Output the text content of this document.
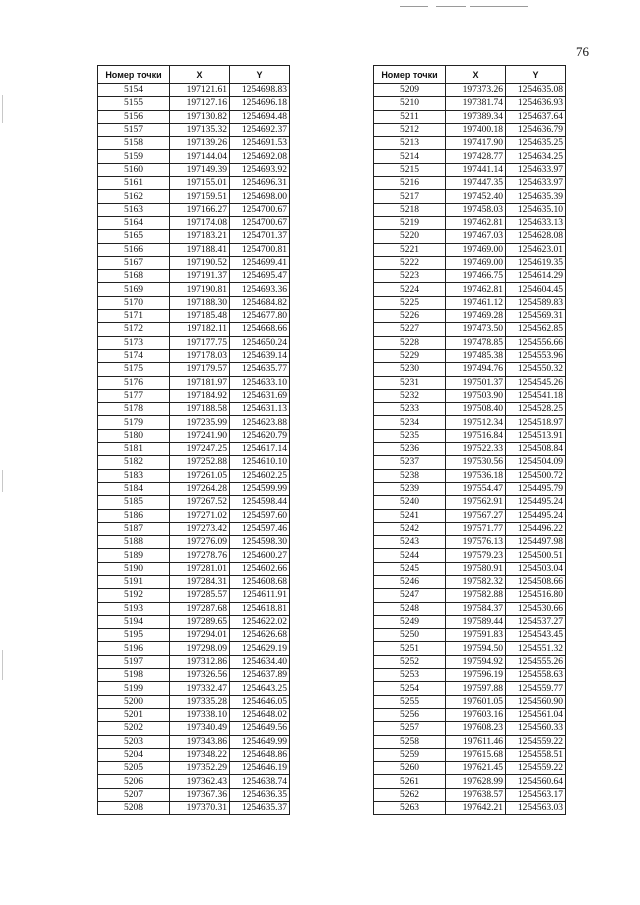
76
Номер точки	X	Y
5154	197121.61	1254698.83
5155	197127.16	1254696.18
5156	197130.82	1254694.48
5157	197135.32	1254692.37
5158	197139.26	1254691.53
5159	197144.04	1254692.08
5160	197149.39	1254693.92
5161	197155.01	1254696.31
5162	197159.51	1254698.00
5163	197166.27	1254700.67
5164	197174.08	1254700.67
5165	197183.21	1254701.37
5166	197188.41	1254700.81
5167	197190.52	1254699.41
5168	197191.37	1254695.47
5169	197190.81	1254693.36
5170	197188.30	1254684.82
5171	197185.48	1254677.80
5172	197182.11	1254668.66
5173	197177.75	1254650.24
5174	197178.03	1254639.14
5175	197179.57	1254635.77
5176	197181.97	1254633.10
5177	197184.92	1254631.69
5178	197188.58	1254631.13
5179	197235.99	1254623.88
5180	197241.90	1254620.79
5181	197247.25	1254617.14
5182	197252.88	1254610.10
5183	197261.05	1254602.25
5184	197264.28	1254599.99
5185	197267.52	1254598.44
5186	197271.02	1254597.60
5187	197273.42	1254597.46
5188	197276.09	1254598.30
5189	197278.76	1254600.27
5190	197281.01	1254602.66
5191	197284.31	1254608.68
5192	197285.57	1254611.91
5193	197287.68	1254618.81
5194	197289.65	1254622.02
5195	197294.01	1254626.68
5196	197298.09	1254629.19
5197	197312.86	1254634.40
5198	197326.56	1254637.89
5199	197332.47	1254643.25
5200	197335.28	1254646.05
5201	197338.10	1254648.02
5202	197340.49	1254649.56
5203	197343.86	1254649.99
5204	197348.22	1254648.86
5205	197352.29	1254646.19
5206	197362.43	1254638.74
5207	197367.36	1254636.35
5208	197370.31	1254635.37
Номер точки	X	Y
5209	197373.26	1254635.08
5210	197381.74	1254636.93
5211	197389.34	1254637.64
5212	197400.18	1254636.79
5213	197417.90	1254635.25
5214	197428.77	1254634.25
5215	197441.14	1254633.97
5216	197447.35	1254633.97
5217	197452.40	1254635.39
5218	197458.03	1254635.10
5219	197462.81	1254633.13
5220	197467.03	1254628.08
5221	197469.00	1254623.01
5222	197469.00	1254619.35
5223	197466.75	1254614.29
5224	197462.81	1254604.45
5225	197461.12	1254589.83
5226	197469.28	1254569.31
5227	197473.50	1254562.85
5228	197478.85	1254556.66
5229	197485.38	1254553.96
5230	197494.76	1254550.32
5231	197501.37	1254545.26
5232	197503.90	1254541.18
5233	197508.40	1254528.25
5234	197512.34	1254518.97
5235	197516.84	1254513.91
5236	197522.33	1254508.84
5237	197530.56	1254504.09
5238	197536.18	1254500.72
5239	197554.47	1254495.79
5240	197562.91	1254495.24
5241	197567.27	1254495.24
5242	197571.77	1254496.22
5243	197576.13	1254497.98
5244	197579.23	1254500.51
5245	197580.91	1254503.04
5246	197582.32	1254508.66
5247	197582.88	1254516.80
5248	197584.37	1254530.66
5249	197589.44	1254537.27
5250	197591.83	1254543.45
5251	197594.50	1254551.32
5252	197594.92	1254555.26
5253	197596.19	1254558.63
5254	197597.88	1254559.77
5255	197601.05	1254560.90
5256	197603.16	1254561.04
5257	197608.23	1254560.33
5258	197611.46	1254559.22
5259	197615.68	1254558.51
5260	197621.45	1254559.22
5261	197628.99	1254560.64
5262	197638.57	1254563.17
5263	197642.21	1254563.03
